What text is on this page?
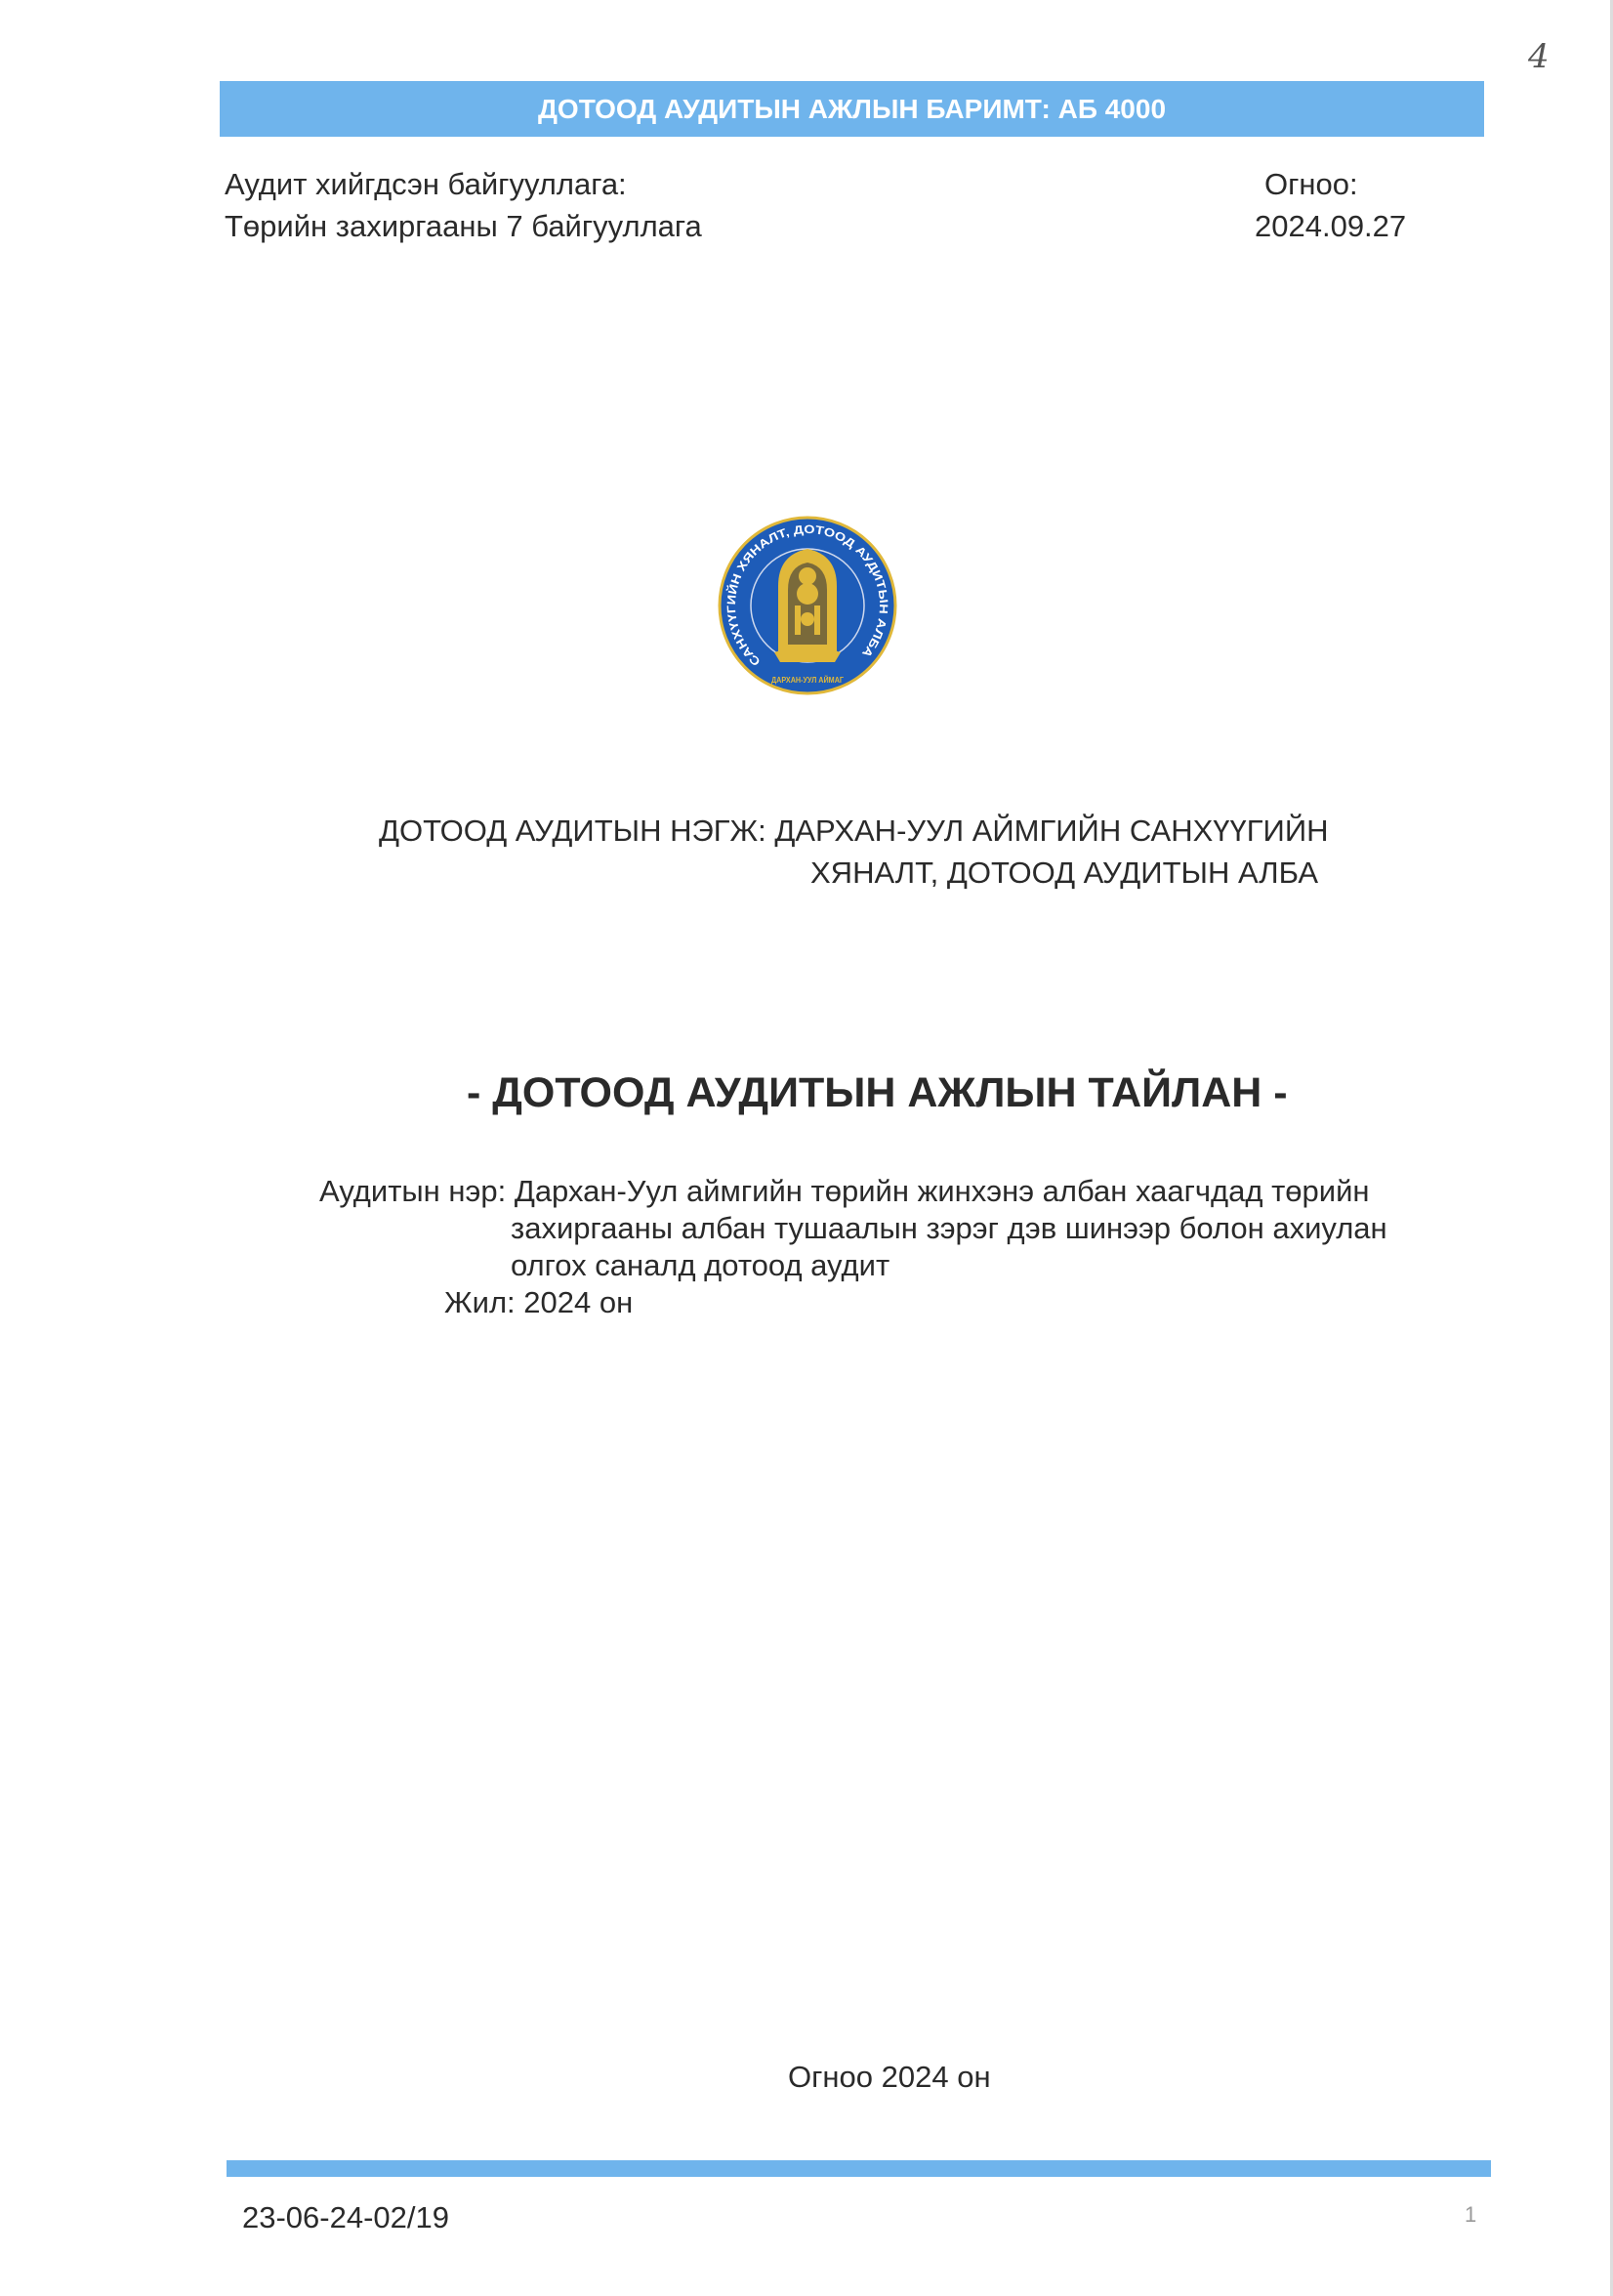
4
ДОТООД АУДИТЫН АЖЛЫН БАРИМТ: АБ 4000
Аудит хийгдсэн байгууллага:
Төрийн захиргааны 7 байгууллага
Огноо:
2024.09.27
САНХҮҮГИЙН ХЯНАЛТ, ДОТООД АУДИТЫН АЛБА
ДАРХАН-УУЛ АЙМАГ
ДОТООД АУДИТЫН НЭГЖ: ДАРХАН-УУЛ АЙМГИЙН САНХҮҮГИЙН
ХЯНАЛТ, ДОТООД АУДИТЫН АЛБА
- ДОТООД АУДИТЫН АЖЛЫН ТАЙЛАН -
Аудитын нэр: Дархан-Уул аймгийн төрийн жинхэнэ албан хаагчдад төрийн
захиргааны албан тушаалын зэрэг дэв шинээр болон ахиулан
олгох саналд дотоод аудит
Жил: 2024 он
Огноо 2024 он
23-06-24-02/19	1
